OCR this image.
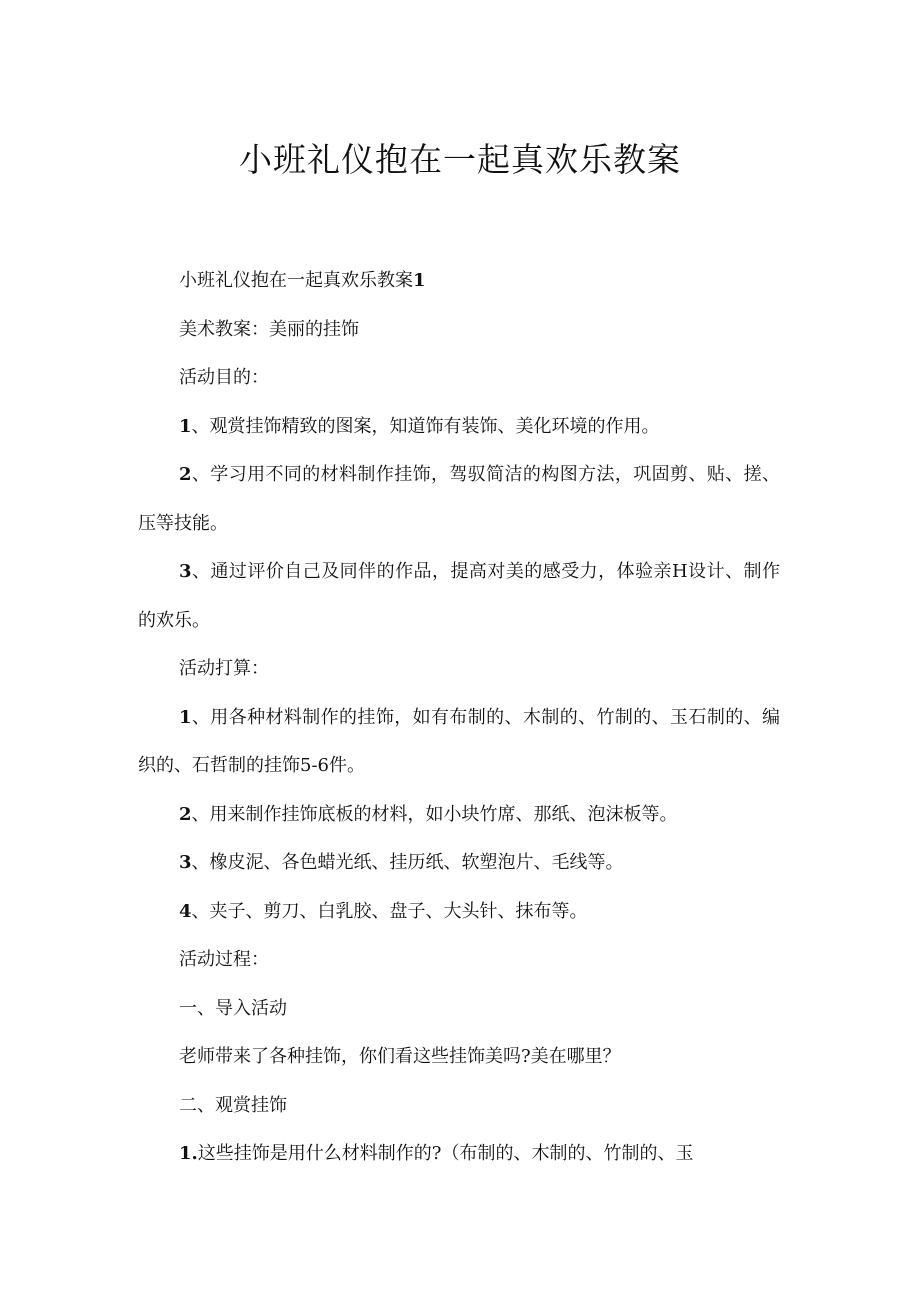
小班礼仪抱在一起真欢乐教案

小班礼仪抱在一起真欢乐教案1

美术教案：美丽的挂饰

活动目的：

1、观赏挂饰精致的图案，知道饰有装饰、美化环境的作用。

2、学习用不同的材料制作挂饰，驾驭简洁的构图方法，巩固剪、贴、搓、压等技能。

3、通过评价自己及同伴的作品，提高对美的感受力，体验亲H设计、制作的欢乐。

活动打算：

1、用各种材料制作的挂饰，如有布制的、木制的、竹制的、玉石制的、编织的、石哲制的挂饰5-6件。

2、用来制作挂饰底板的材料，如小块竹席、那纸、泡沫板等。

3、橡皮泥、各色蜡光纸、挂历纸、软塑泡片、毛线等。

4、夹子、剪刀、白乳胶、盘子、大头针、抹布等。

活动过程：

一、导入活动

老师带来了各种挂饰，你们看这些挂饰美吗?美在哪里？

二、观赏挂饰

1.这些挂饰是用什么材料制作的?（布制的、木制的、竹制的、玉
